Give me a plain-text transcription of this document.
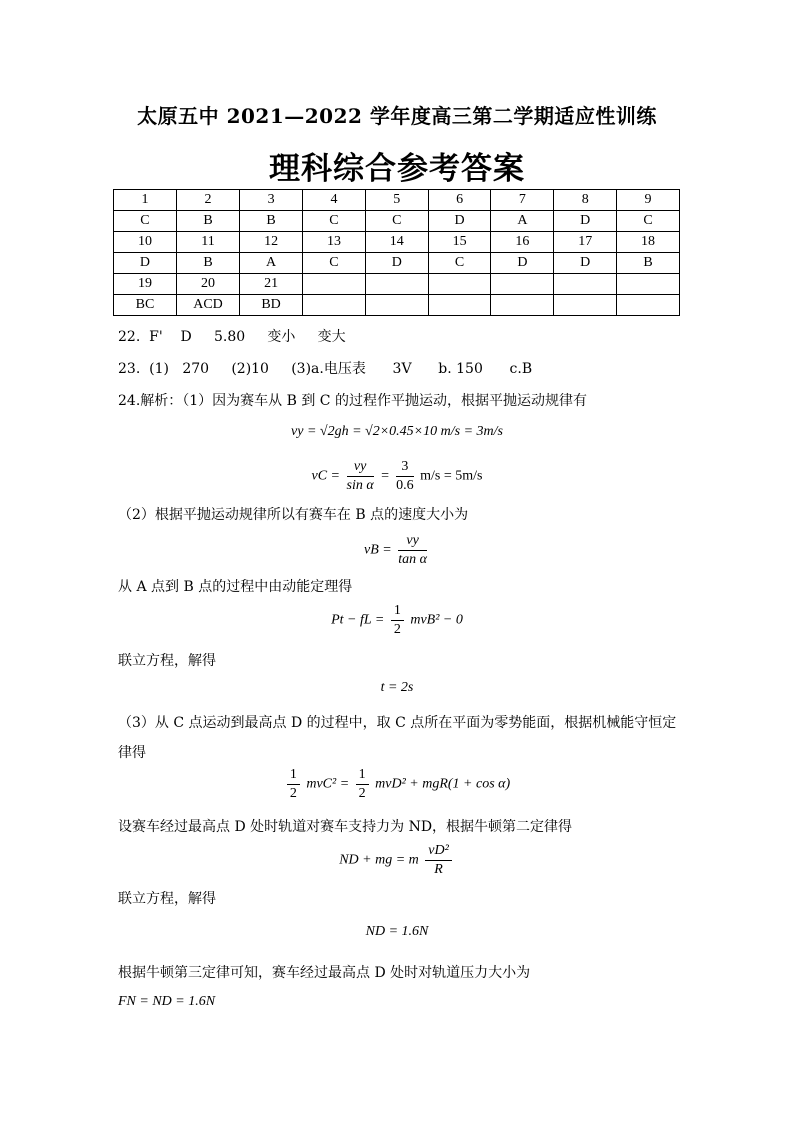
太原五中 2021—2022 学年度高三第二学期适应性训练
理科综合参考答案
1	2	3	4	5	6	7	8	9
C	B	B	C	C	D	A	D	C
10	11	12	13	14	15	16	17	18
D	B	A	C	D	C	D	D	B
19	20	21						
BC	ACD	BD						
22.  F'    D     5.80     变小     变大
23.  (1)   270     (2)10     (3)a.电压表      3V      b. 150      c.B
24.解析：（1）因为赛车从 B 到 C 的过程作平抛运动，根据平抛运动规律有
vy = √2gh = √2×0.45×10 m/s = 3m/s
vC = $\frac{vy}{\text{sin α}} = \frac{3}{0.6} m/s = 5m/s$
（2）根据平抛运动规律所以有赛车在 B 点的速度大小为
vB = $\frac{vy}{\text{tan α}}$
从 A 点到 B 点的过程中由动能定理得
Pt − fL = $\frac{1}{2} mvB^2 - 0$
联立方程，解得
t = 2s
（3）从 C 点运动到最高点 D 的过程中，取 C 点所在平面为零势能面，根据机械能守恒定
律得
$\frac{1}{2} mvC^2 = \frac{1}{2} mvD^2 + mgR(1 + \cos \alpha)$
设赛车经过最高点 D 处时轨道对赛车支持力为 ND，根据牛顿第二定律得
ND + mg = m $\frac{\text{vD²}}{R}$
联立方程，解得
ND = 1.6N
根据牛顿第三定律可知，赛车经过最高点 D 处时对轨道压力大小为
FN = ND = 1.6N
